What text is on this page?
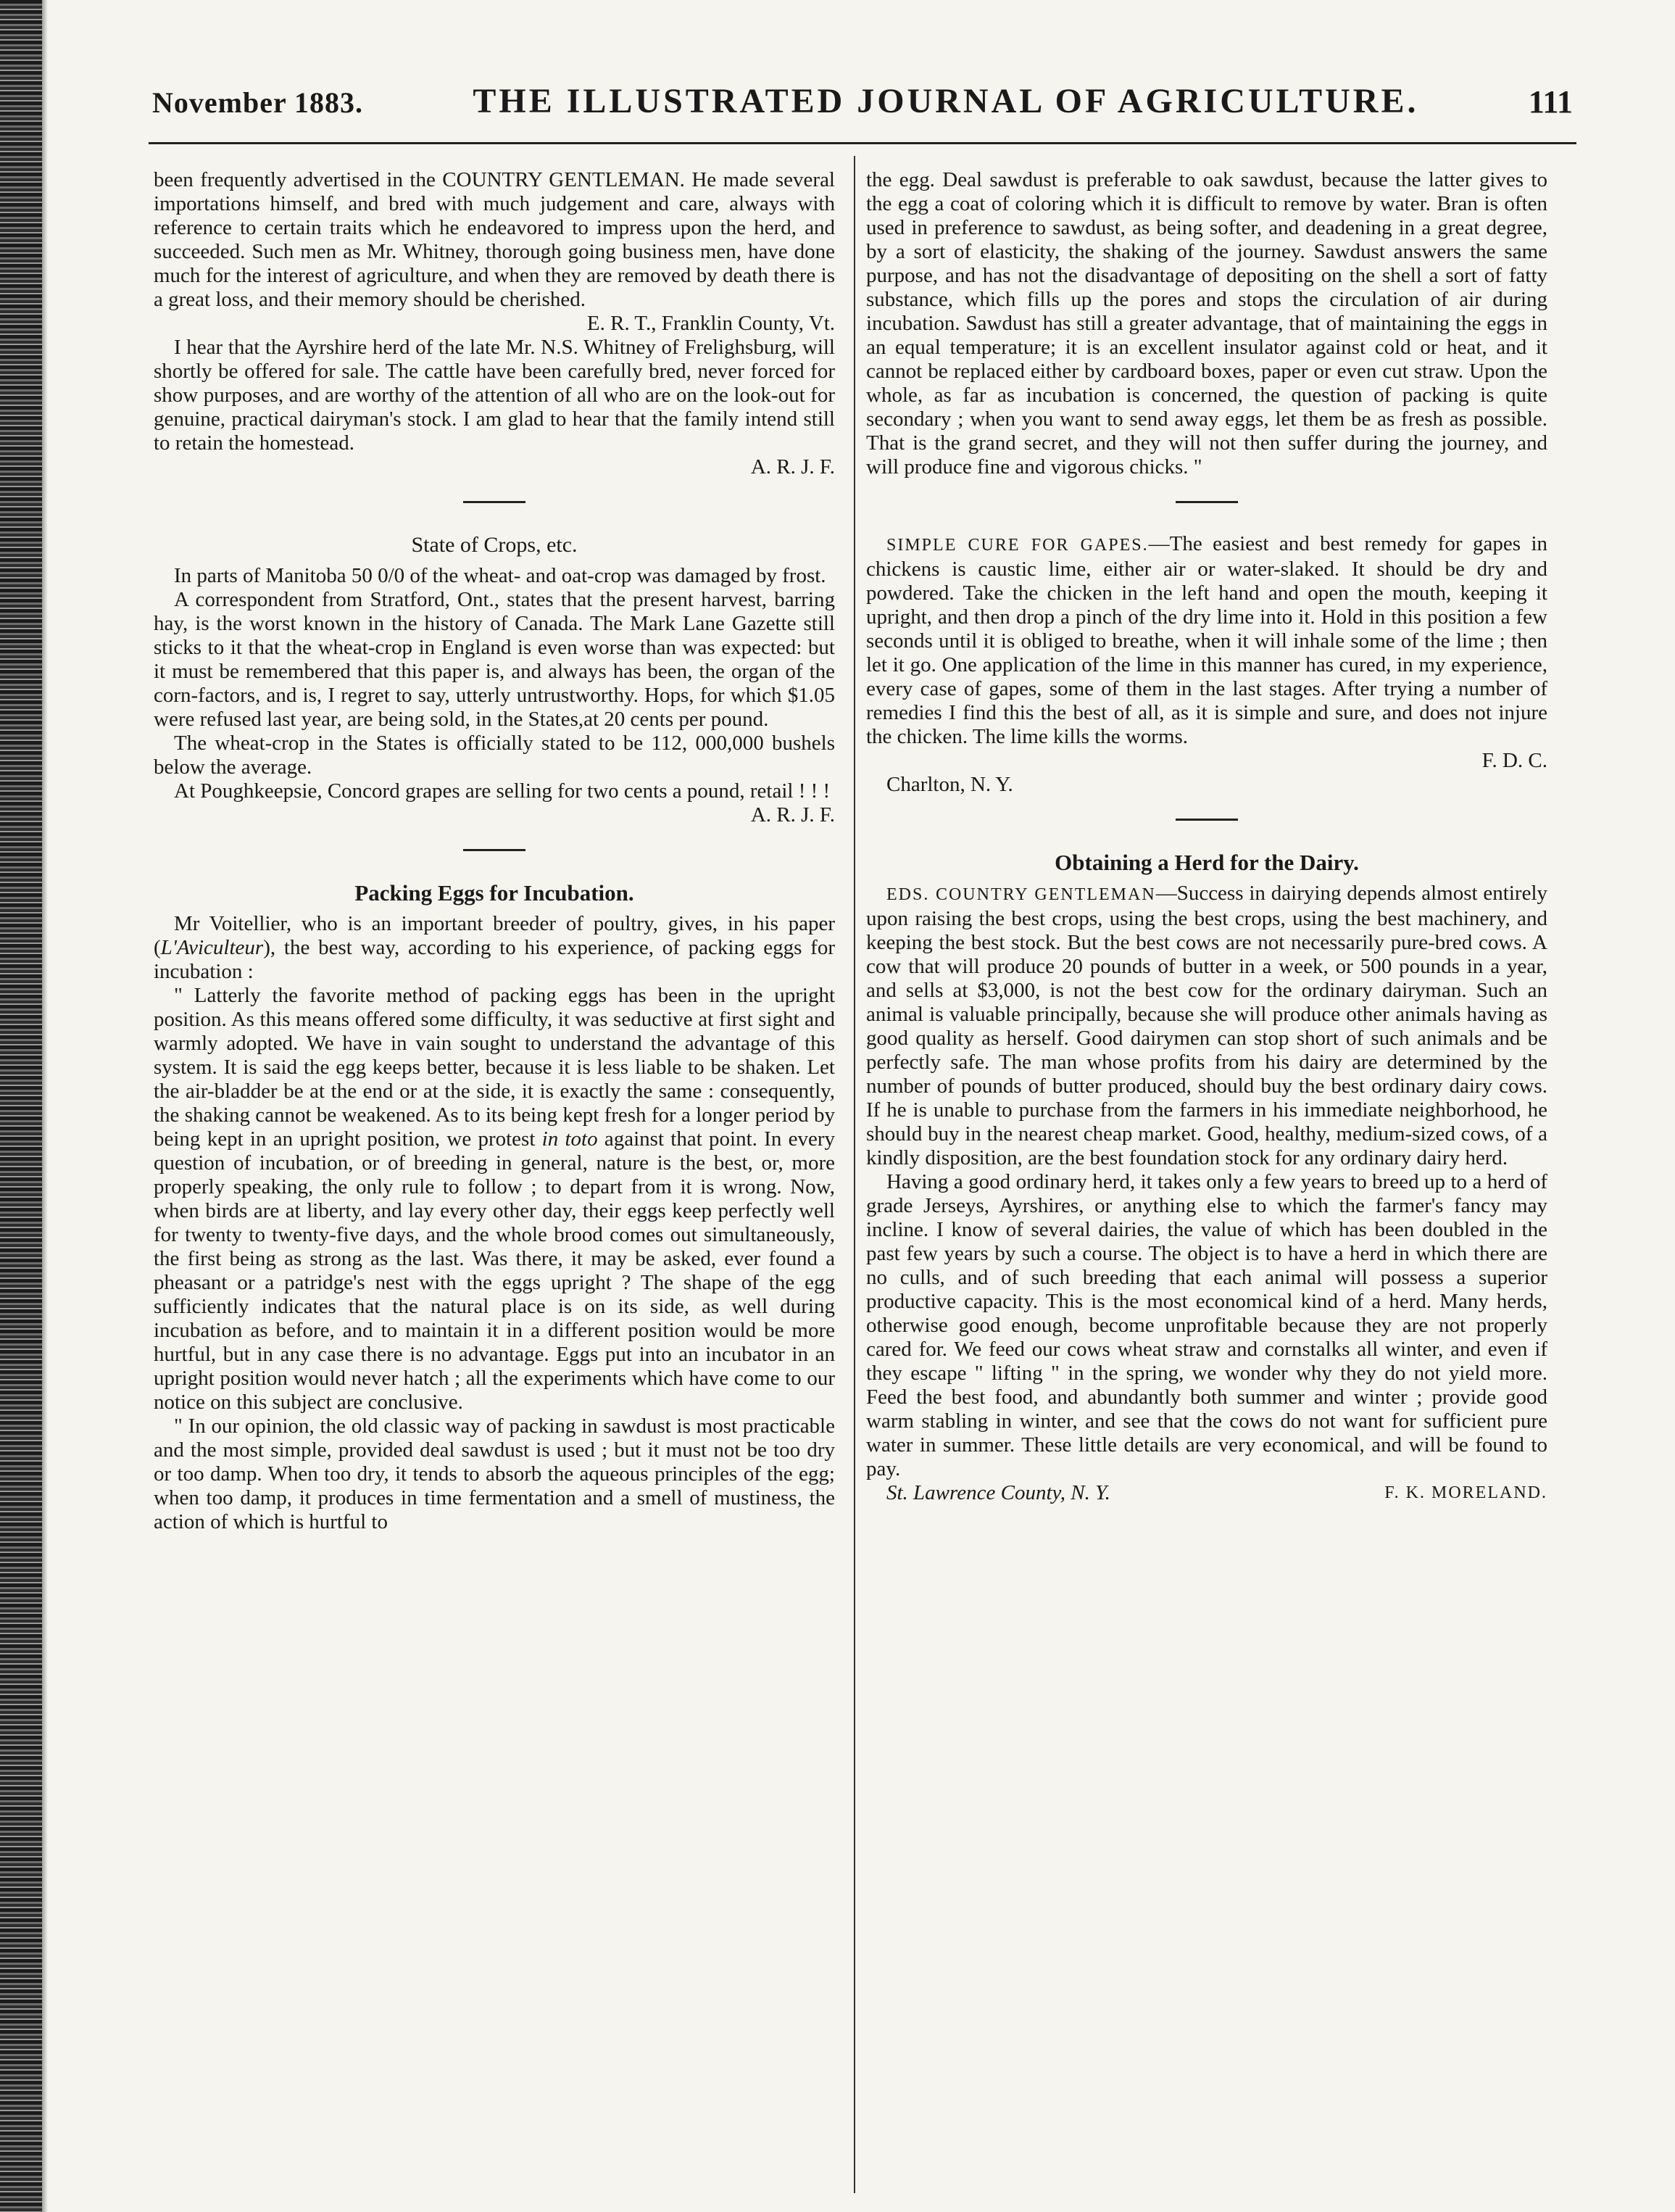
November 1883.	THE ILLUSTRATED JOURNAL OF AGRICULTURE.	111

been frequently advertised in the COUNTRY GENTLEMAN. He made several importations himself, and bred with much judgement and care, always with reference to certain traits which he endeavored to impress upon the herd, and succeeded. Such men as Mr. Whitney, thorough going business men, have done much for the interest of agriculture, and when they are removed by death there is a great loss, and their memory should be cherished.

E. R. T., Franklin County, Vt.

I hear that the Ayrshire herd of the late Mr. N.S. Whitney of Frelighsburg, will shortly be offered for sale. The cattle have been carefully bred, never forced for show purposes, and are worthy of the attention of all who are on the look-out for genuine, practical dairyman's stock. I am glad to hear that the family intend still to retain the homestead.

A. R. J. F.

State of Crops, etc.

In parts of Manitoba 50 0/0 of the wheat- and oat-crop was damaged by frost.

A correspondent from Stratford, Ont., states that the present harvest, barring hay, is the worst known in the history of Canada. The Mark Lane Gazette still sticks to it that the wheat-crop in England is even worse than was expected: but it must be remembered that this paper is, and always has been, the organ of the corn-factors, and is, I regret to say, utterly untrustworthy. Hops, for which $1.05 were refused last year, are being sold, in the States,at 20 cents per pound.

The wheat-crop in the States is officially stated to be 112, 000,000 bushels below the average.

At Poughkeepsie, Concord grapes are selling for two cents a pound, retail ! ! !

A. R. J. F.

Packing Eggs for Incubation.

Mr Voitellier, who is an important breeder of poultry, gives, in his paper (L'Aviculteur), the best way, according to his experience, of packing eggs for incubation :

" Latterly the favorite method of packing eggs has been in the upright position. As this means offered some difficulty, it was seductive at first sight and warmly adopted. We have in vain sought to understand the advantage of this system. It is said the egg keeps better, because it is less liable to be shaken. Let the air-bladder be at the end or at the side, it is exactly the same : consequently, the shaking cannot be weakened. As to its being kept fresh for a longer period by being kept in an upright position, we protest in toto against that point. In every question of incubation, or of breeding in general, nature is the best, or, more properly speaking, the only rule to follow ; to depart from it is wrong. Now, when birds are at liberty, and lay every other day, their eggs keep perfectly well for twenty to twenty-five days, and the whole brood comes out simultaneously, the first being as strong as the last. Was there, it may be asked, ever found a pheasant or a patridge's nest with the eggs upright ? The shape of the egg sufficiently indicates that the natural place is on its side, as well during incubation as before, and to maintain it in a different position would be more hurtful, but in any case there is no advantage. Eggs put into an incubator in an upright position would never hatch ; all the experiments which have come to our notice on this subject are conclusive.

" In our opinion, the old classic way of packing in sawdust is most practicable and the most simple, provided deal sawdust is used ; but it must not be too dry or too damp. When too dry, it tends to absorb the aqueous principles of the egg; when too damp, it produces in time fermentation and a smell of mustiness, the action of which is hurtful to

the egg. Deal sawdust is preferable to oak sawdust, because the latter gives to the egg a coat of coloring which it is difficult to remove by water. Bran is often used in preference to sawdust, as being softer, and deadening in a great degree, by a sort of elasticity, the shaking of the journey. Sawdust answers the same purpose, and has not the disadvantage of depositing on the shell a sort of fatty substance, which fills up the pores and stops the circulation of air during incubation. Sawdust has still a greater advantage, that of maintaining the eggs in an equal temperature; it is an excellent insulator against cold or heat, and it cannot be replaced either by cardboard boxes, paper or even cut straw. Upon the whole, as far as incubation is concerned, the question of packing is quite secondary ; when you want to send away eggs, let them be as fresh as possible. That is the grand secret, and they will not then suffer during the journey, and will produce fine and vigorous chicks. "

SIMPLE CURE FOR GAPES.—The easiest and best remedy for gapes in chickens is caustic lime, either air or water-slaked. It should be dry and powdered. Take the chicken in the left hand and open the mouth, keeping it upright, and then drop a pinch of the dry lime into it. Hold in this position a few seconds until it is obliged to breathe, when it will inhale some of the lime ; then let it go. One application of the lime in this manner has cured, in my experience, every case of gapes, some of them in the last stages. After trying a number of remedies I find this the best of all, as it is simple and sure, and does not injure the chicken. The lime kills the worms.

F. D. C.

Charlton, N. Y.

Obtaining a Herd for the Dairy.

EDS. COUNTRY GENTLEMAN—Success in dairying depends almost entirely upon raising the best crops, using the best crops, using the best machinery, and keeping the best stock. But the best cows are not necessarily pure-bred cows. A cow that will produce 20 pounds of butter in a week, or 500 pounds in a year, and sells at $3,000, is not the best cow for the ordinary dairyman. Such an animal is valuable principally, because she will produce other animals having as good quality as herself. Good dairymen can stop short of such animals and be perfectly safe. The man whose profits from his dairy are determined by the number of pounds of butter produced, should buy the best ordinary dairy cows. If he is unable to purchase from the farmers in his immediate neighborhood, he should buy in the nearest cheap market. Good, healthy, medium-sized cows, of a kindly disposition, are the best foundation stock for any ordinary dairy herd.

Having a good ordinary herd, it takes only a few years to breed up to a herd of grade Jerseys, Ayrshires, or anything else to which the farmer's fancy may incline. I know of several dairies, the value of which has been doubled in the past few years by such a course. The object is to have a herd in which there are no culls, and of such breeding that each animal will possess a superior productive capacity. This is the most economical kind of a herd. Many herds, otherwise good enough, become unprofitable because they are not properly cared for. We feed our cows wheat straw and cornstalks all winter, and even if they escape " lifting " in the spring, we wonder why they do not yield more. Feed the best food, and abundantly both summer and winter ; provide good warm stabling in winter, and see that the cows do not want for sufficient pure water in summer. These little details are very economical, and will be found to pay.

St. Lawrence County, N. Y.	F. K. MORELAND.
